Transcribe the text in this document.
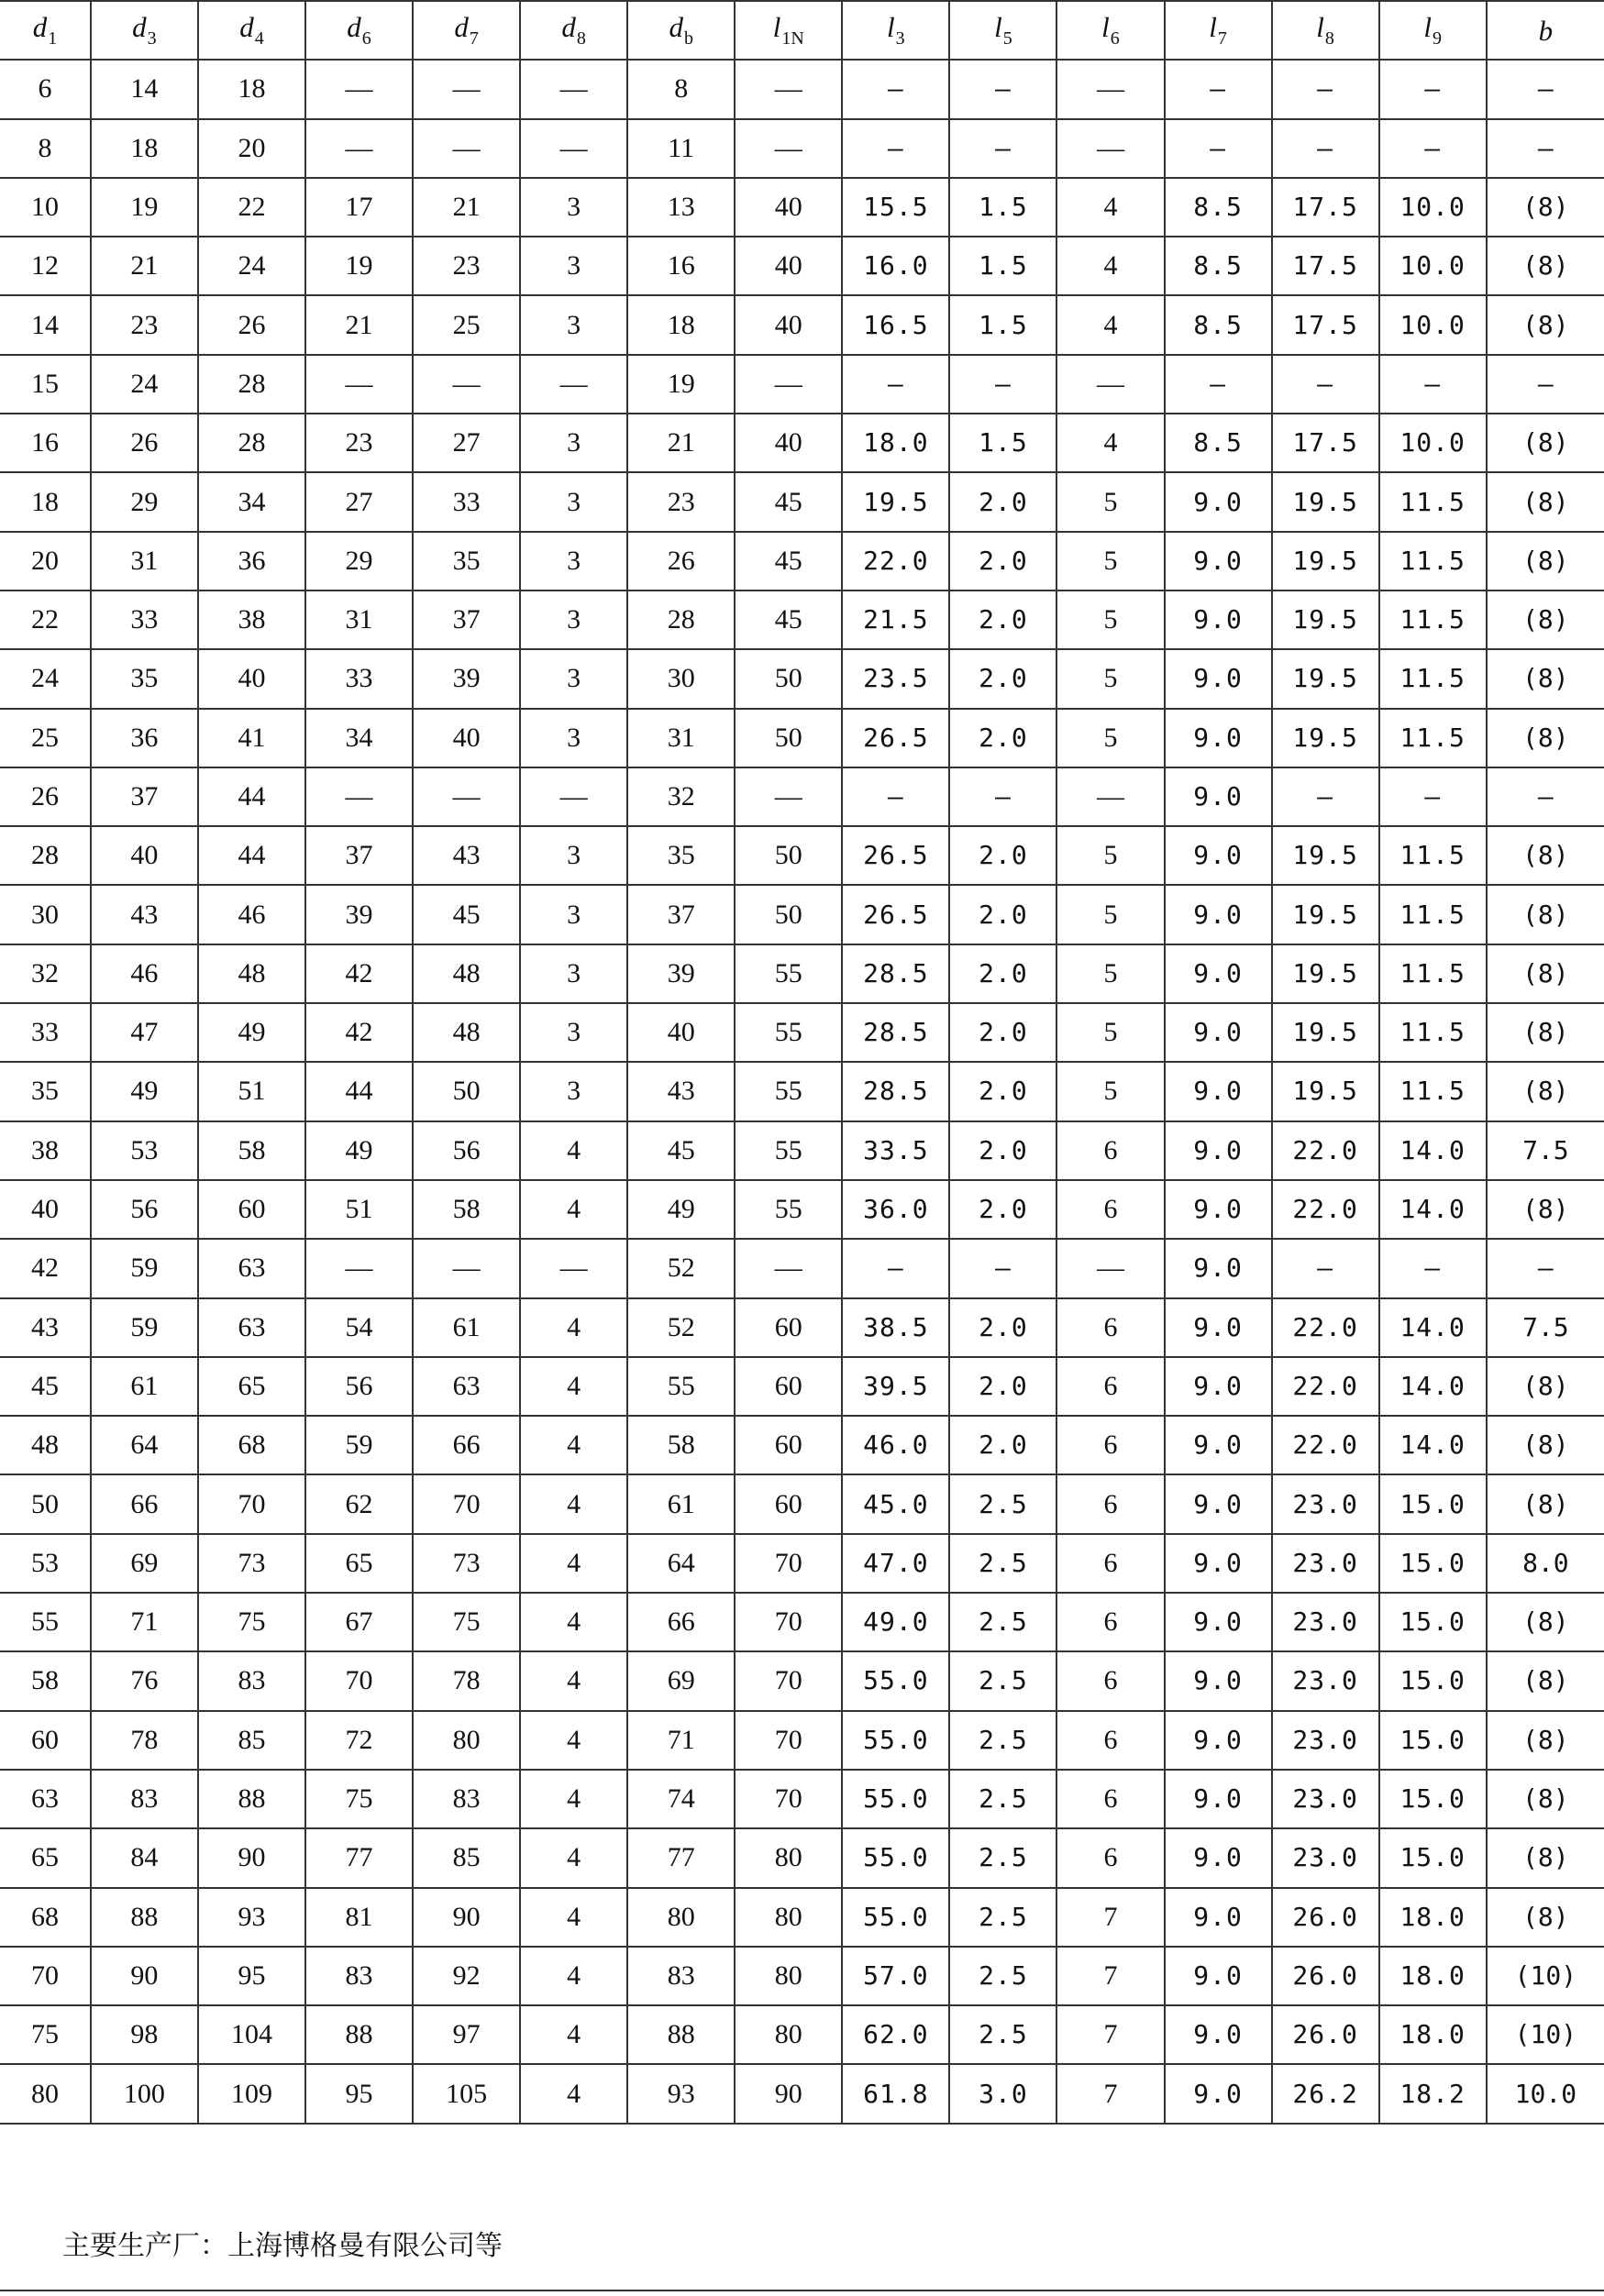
$d_1$	$d_3$	$d_4$	$d_6$	$d_7$	$d_8$	$d_b$	$l_{1N}$	$l_3$	$l_5$	$l_6$	$l_7$	$l_8$	$l_9$	b
6	14	18	—	—	—	8	—	—	—	—	—	—	—	—
8	18	20	—	—	—	11	—	—	—	—	—	—	—	—
10	19	22	17	21	3	13	40	15.5	1.5	4	8.5	17.5	10.0	(8)
12	21	24	19	23	3	16	40	16.0	1.5	4	8.5	17.5	10.0	(8)
14	23	26	21	25	3	18	40	16.5	1.5	4	8.5	17.5	10.0	(8)
15	24	28	—	—	—	19	—	—	—	—	—	—	—	—
16	26	28	23	27	3	21	40	18.0	1.5	4	8.5	17.5	10.0	(8)
18	29	34	27	33	3	23	45	19.5	2.0	5	9.0	19.5	11.5	(8)
20	31	36	29	35	3	26	45	22.0	2.0	5	9.0	19.5	11.5	(8)
22	33	38	31	37	3	28	45	21.5	2.0	5	9.0	19.5	11.5	(8)
24	35	40	33	39	3	30	50	23.5	2.0	5	9.0	19.5	11.5	(8)
25	36	41	34	40	3	31	50	26.5	2.0	5	9.0	19.5	11.5	(8)
26	37	44	—	—	—	32	—	—	—	—	9.0	—	—	—
28	40	44	37	43	3	35	50	26.5	2.0	5	9.0	19.5	11.5	(8)
30	43	46	39	45	3	37	50	26.5	2.0	5	9.0	19.5	11.5	(8)
32	46	48	42	48	3	39	55	28.5	2.0	5	9.0	19.5	11.5	(8)
33	47	49	42	48	3	40	55	28.5	2.0	5	9.0	19.5	11.5	(8)
35	49	51	44	50	3	43	55	28.5	2.0	5	9.0	19.5	11.5	(8)
38	53	58	49	56	4	45	55	33.5	2.0	6	9.0	22.0	14.0	7.5
40	56	60	51	58	4	49	55	36.0	2.0	6	9.0	22.0	14.0	(8)
42	59	63	—	—	—	52	—	—	—	—	9.0	—	—	—
43	59	63	54	61	4	52	60	38.5	2.0	6	9.0	22.0	14.0	7.5
45	61	65	56	63	4	55	60	39.5	2.0	6	9.0	22.0	14.0	(8)
48	64	68	59	66	4	58	60	46.0	2.0	6	9.0	22.0	14.0	(8)
50	66	70	62	70	4	61	60	45.0	2.5	6	9.0	23.0	15.0	(8)
53	69	73	65	73	4	64	70	47.0	2.5	6	9.0	23.0	15.0	8.0
55	71	75	67	75	4	66	70	49.0	2.5	6	9.0	23.0	15.0	(8)
58	76	83	70	78	4	69	70	55.0	2.5	6	9.0	23.0	15.0	(8)
60	78	85	72	80	4	71	70	55.0	2.5	6	9.0	23.0	15.0	(8)
63	83	88	75	83	4	74	70	55.0	2.5	6	9.0	23.0	15.0	(8)
65	84	90	77	85	4	77	80	55.0	2.5	6	9.0	23.0	15.0	(8)
68	88	93	81	90	4	80	80	55.0	2.5	7	9.0	26.0	18.0	(8)
70	90	95	83	92	4	83	80	57.0	2.5	7	9.0	26.0	18.0	(10)
75	98	104	88	97	4	88	80	62.0	2.5	7	9.0	26.0	18.0	(10)
80	100	109	95	105	4	93	90	61.8	3.0	7	9.0	26.2	18.2	10.0
主要生产厂：上海博格曼有限公司等
